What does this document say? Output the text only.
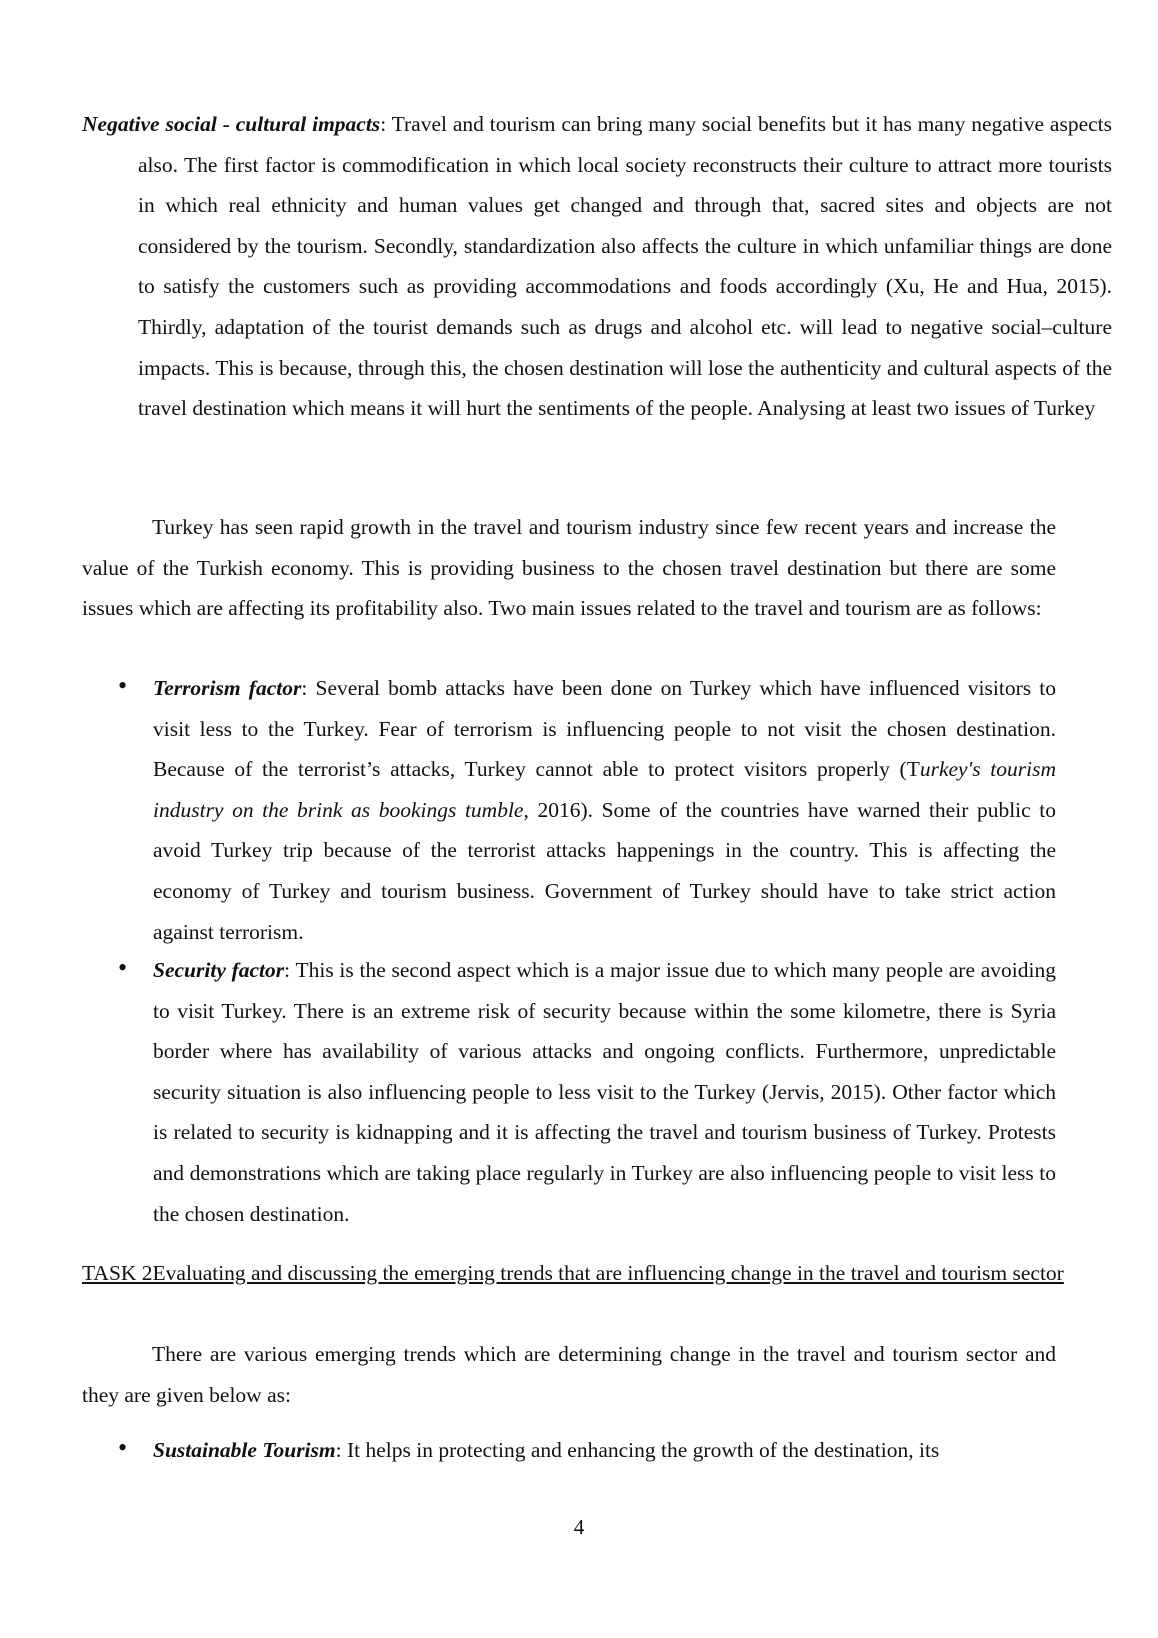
Negative social - cultural impacts: Travel and tourism can bring many social benefits but it has many negative aspects also. The first factor is commodification in which local society reconstructs their culture to attract more tourists in which real ethnicity and human values get changed and through that, sacred sites and objects are not considered by the tourism. Secondly, standardization also affects the culture in which unfamiliar things are done to satisfy the customers such as providing accommodations and foods accordingly (Xu, He and Hua, 2015). Thirdly, adaptation of the tourist demands such as drugs and alcohol etc. will lead to negative social–culture impacts. This is because, through this, the chosen destination will lose the authenticity and cultural aspects of the travel destination which means it will hurt the sentiments of the people. Analysing at least two issues of Turkey

Turkey has seen rapid growth in the travel and tourism industry since few recent years and increase the value of the Turkish economy. This is providing business to the chosen travel destination but there are some issues which are affecting its profitability also. Two main issues related to the travel and tourism are as follows:

• Terrorism factor: Several bomb attacks have been done on Turkey which have influenced visitors to visit less to the Turkey. Fear of terrorism is influencing people to not visit the chosen destination. Because of the terrorist’s attacks, Turkey cannot able to protect visitors properly (Turkey's tourism industry on the brink as bookings tumble, 2016). Some of the countries have warned their public to avoid Turkey trip because of the terrorist attacks happenings in the country. This is affecting the economy of Turkey and tourism business. Government of Turkey should have to take strict action against terrorism.

• Security factor: This is the second aspect which is a major issue due to which many people are avoiding to visit Turkey. There is an extreme risk of security because within the some kilometre, there is Syria border where has availability of various attacks and ongoing conflicts. Furthermore, unpredictable security situation is also influencing people to less visit to the Turkey (Jervis, 2015). Other factor which is related to security is kidnapping and it is affecting the travel and tourism business of Turkey. Protests and demonstrations which are taking place regularly in Turkey are also influencing people to visit less to the chosen destination.

TASK 2Evaluating and discussing the emerging trends that are influencing change in the travel and tourism sector

There are various emerging trends which are determining change in the travel and tourism sector and they are given below as:

• Sustainable Tourism: It helps in protecting and enhancing the growth of the destination, its

4
